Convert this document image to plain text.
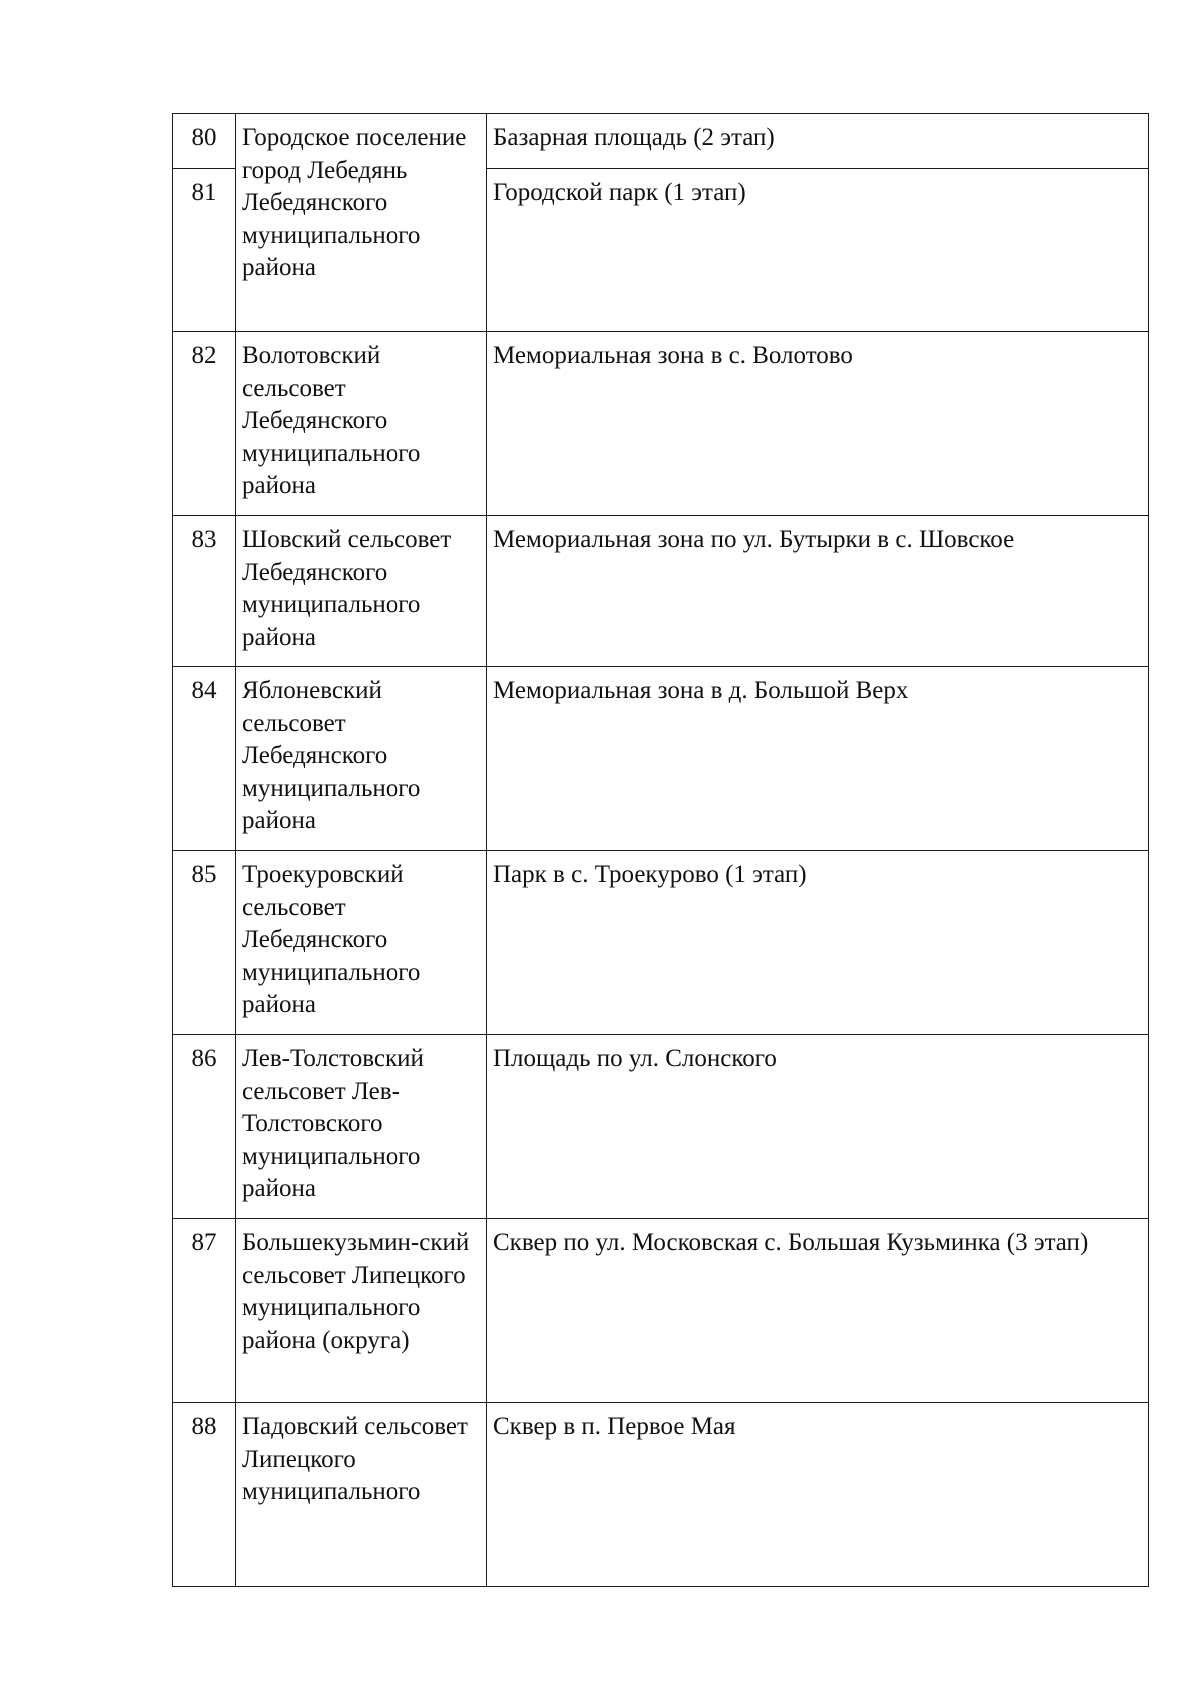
80	Городское поселение город Лебедянь Лебедянского муниципального района	Базарная площадь (2 этап)
81		Городской парк (1 этап)
82	Волотовский сельсовет Лебедянского муниципального района	Мемориальная зона в с. Волотово
83	Шовский сельсовет Лебедянского муниципального района	Мемориальная зона по ул. Бутырки в с. Шовское
84	Яблоневский сельсовет Лебедянского муниципального района	Мемориальная зона в д. Большой Верх
85	Троекуровский сельсовет Лебедянского муниципального района	Парк в с. Троекурово (1 этап)
86	Лев-Толстовский сельсовет Лев-Толстовского муниципального района	Площадь по ул. Слонского
87	Большекузьмин-ский сельсовет Липецкого муниципального района (округа)	Сквер по ул. Московская с. Большая Кузьминка (3 этап)
88	Падовский сельсовет Липецкого муниципального	Сквер в п. Первое Мая
